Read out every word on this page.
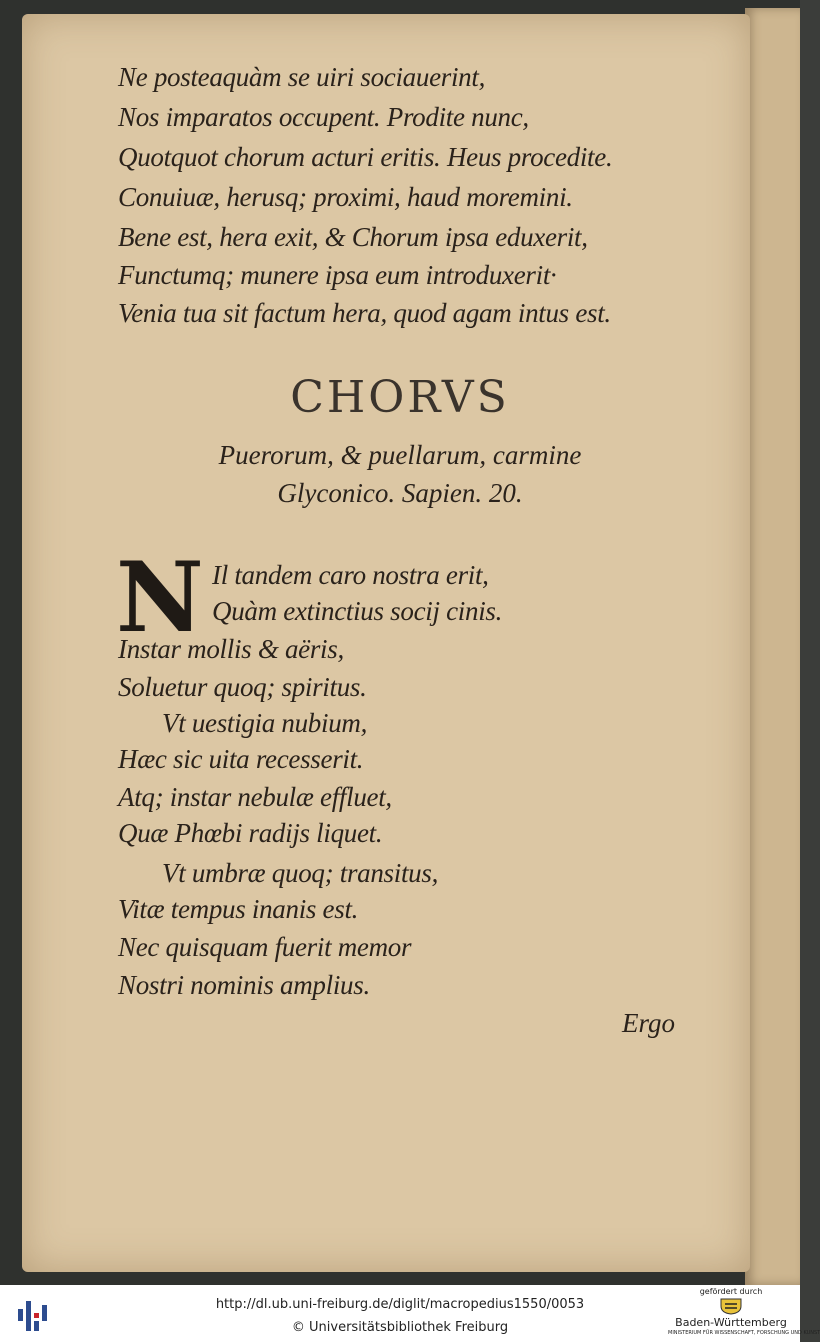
Ne posteaquàm se uiri sociauerint,
Nos imparatos occupent. Prodite nunc,
Quotquot chorum acturi eritis. Heus procedite.
Conuiuæ, herusq; proximi, haud moremini.
Bene est, hera exit, & Chorum ipsa eduxerit,
Functumq; munere ipsa eum introduxerit·
Venia tua sit factum hera, quod agam intus est.
CHORVS
Puerorum, & puellarum, carmine
Glyconico. Sapien. 20.
N Il tandem caro nostra erit,
Quàm extinctius socij cinis.
Instar mollis & aëris,
Soluetur quoq; spiritus.
Vt uestigia nubium,
Hæc sic uita recesserit.
Atq; instar nebulæ effluet,
Quæ Phœbi radijs liquet.
Vt umbræ quoq; transitus,
Vitæ tempus inanis est.
Nec quisquam fuerit memor
Nostri nominis amplius.
Ergo
http://dl.ub.uni-freiburg.de/diglit/macropedius1550/0053
© Universitätsbibliothek Freiburg
gefördert durch
Baden-Württemberg
MINISTERIUM FÜR WISSENSCHAFT, FORSCHUNG UND KUNST
